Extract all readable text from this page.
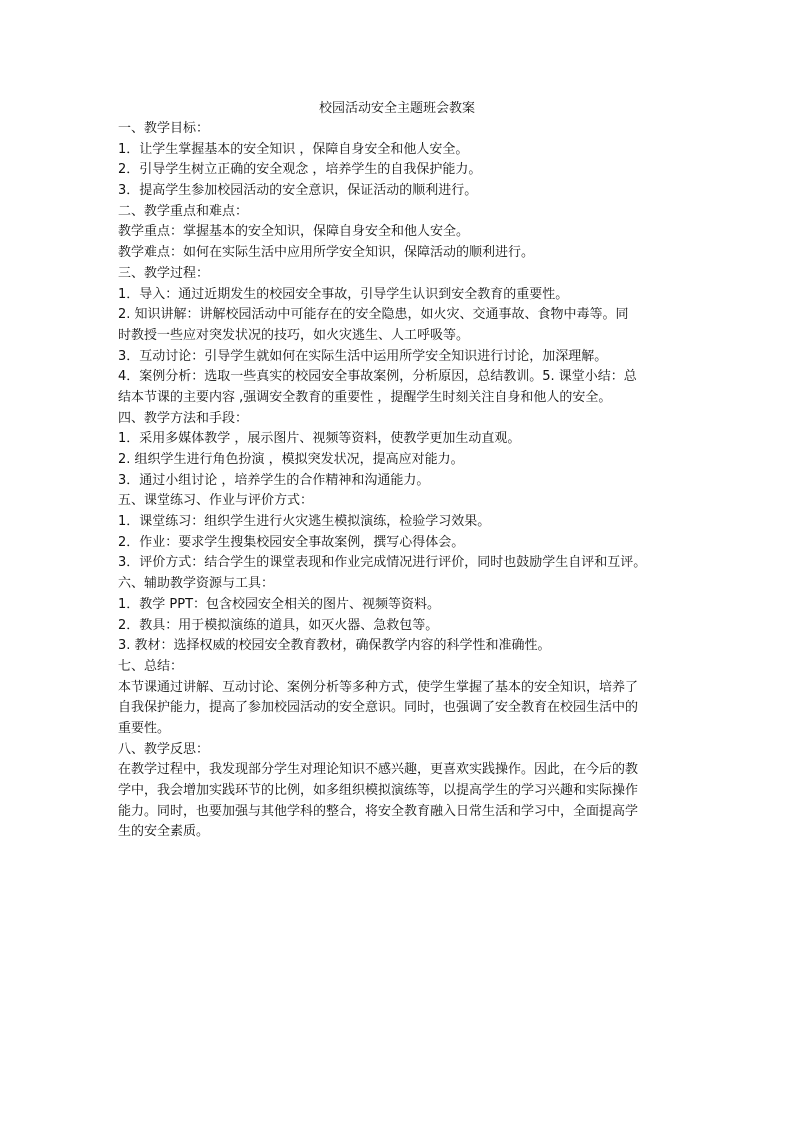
校园活动安全主题班会教案
一、教学目标：
1．让学生掌握基本的安全知识 ，保障自身安全和他人安全。
2．引导学生树立正确的安全观念 ，培养学生的自我保护能力。
3．提高学生参加校园活动的安全意识，保证活动的顺利进行。
二、教学重点和难点：
教学重点：掌握基本的安全知识，保障自身安全和他人安全。
教学难点：如何在实际生活中应用所学安全知识，保障活动的顺利进行。
三、教学过程：
1．导入：通过近期发生的校园安全事故，引导学生认识到安全教育的重要性。
2. 知识讲解：讲解校园活动中可能存在的安全隐患，如火灾、交通事故、食物中毒等。同
时教授一些应对突发状况的技巧，如火灾逃生、人工呼吸等。
3．互动讨论：引导学生就如何在实际生活中运用所学安全知识进行讨论，加深理解。
4．案例分析：选取一些真实的校园安全事故案例，分析原因，总结教训。5. 课堂小结：总
结本节课的主要内容 ,强调安全教育的重要性 ，提醒学生时刻关注自身和他人的安全。
四、教学方法和手段：
1．采用多媒体教学 ，展示图片、视频等资料，使教学更加生动直观。
2. 组织学生进行角色扮演 ，模拟突发状况，提高应对能力。
3．通过小组讨论 ，培养学生的合作精神和沟通能力。
五、课堂练习、作业与评价方式：
1．课堂练习：组织学生进行火灾逃生模拟演练，检验学习效果。
2．作业：要求学生搜集校园安全事故案例，撰写心得体会。
3．评价方式：结合学生的课堂表现和作业完成情况进行评价，同时也鼓励学生自评和互评。
六、辅助教学资源与工具：
1．教学 PPT：包含校园安全相关的图片、视频等资料。
2．教具：用于模拟演练的道具，如灭火器、急救包等。
3. 教材：选择权威的校园安全教育教材，确保教学内容的科学性和准确性。
七、总结：
本节课通过讲解、互动讨论、案例分析等多种方式，使学生掌握了基本的安全知识，培养了
自我保护能力，提高了参加校园活动的安全意识。同时，也强调了安全教育在校园生活中的
重要性。
八、教学反思：
在教学过程中，我发现部分学生对理论知识不感兴趣，更喜欢实践操作。因此，在今后的教
学中，我会增加实践环节的比例，如多组织模拟演练等，以提高学生的学习兴趣和实际操作
能力。同时，也要加强与其他学科的整合，将安全教育融入日常生活和学习中，全面提高学
生的安全素质。
